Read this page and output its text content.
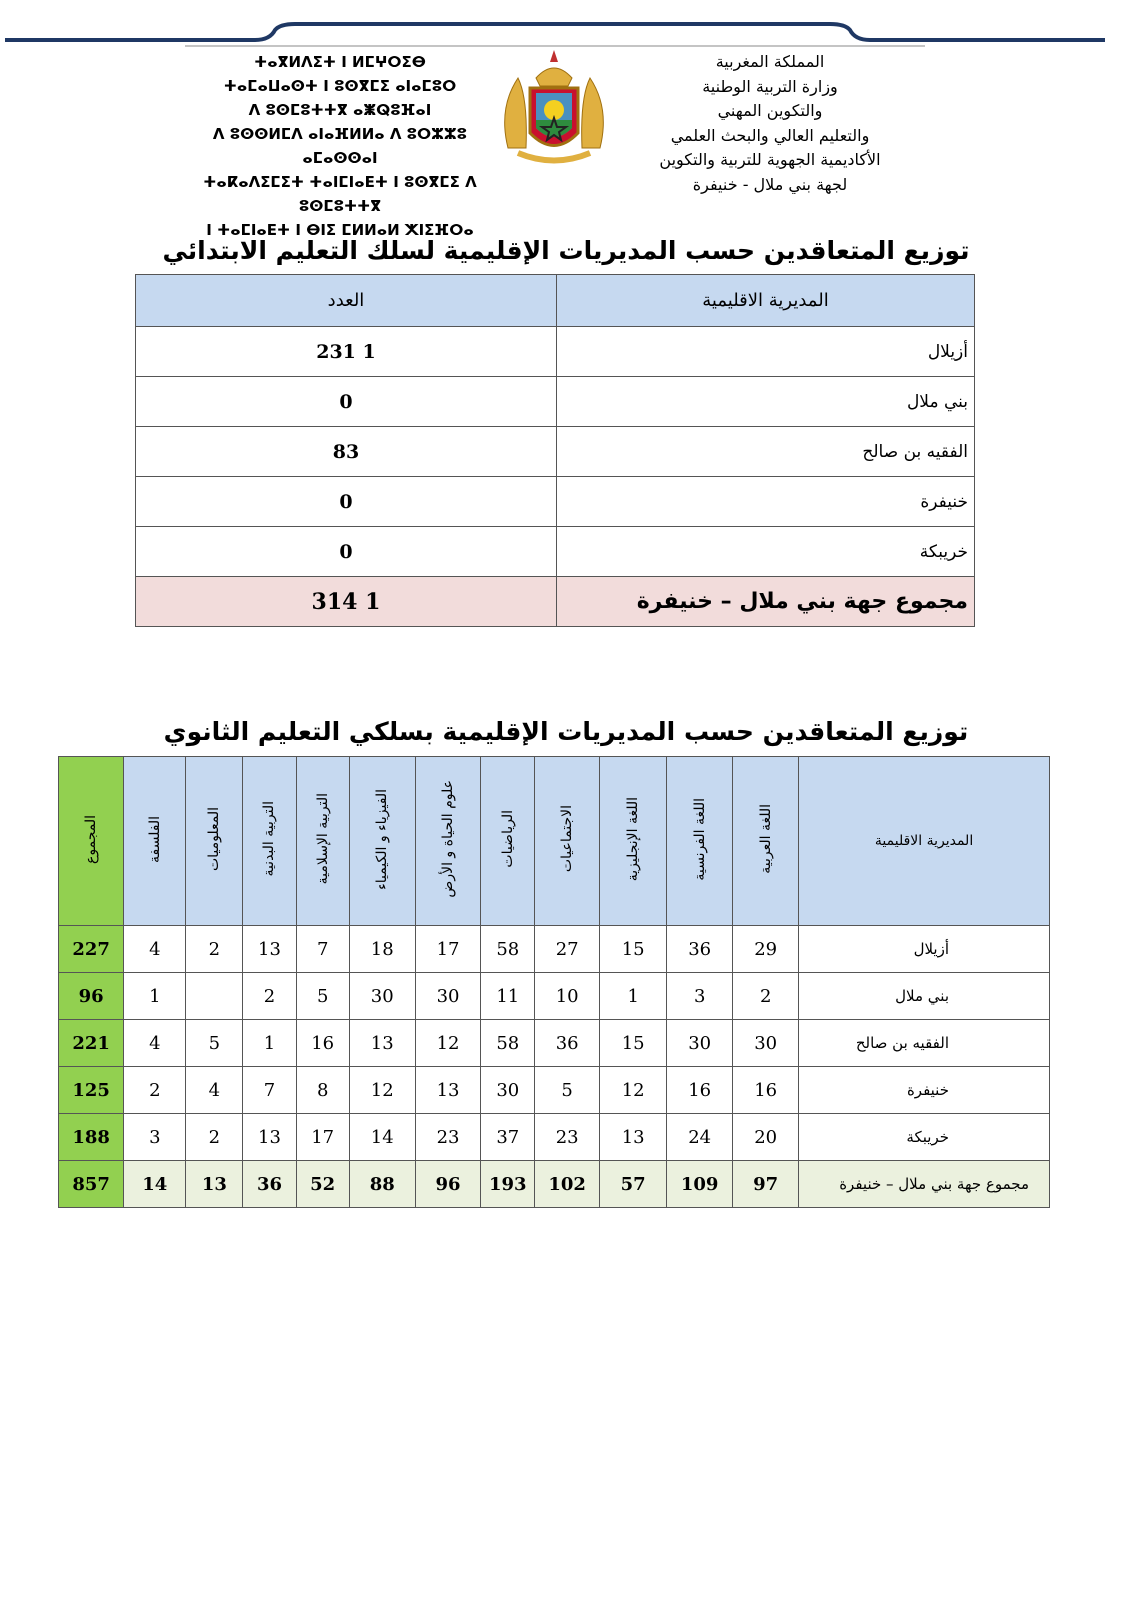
ⵜⴰⴳⵍⴷⵉⵜ ⵏ ⵍⵎⵖⵔⵉⴱ
ⵜⴰⵎⴰⵡⴰⵙⵜ ⵏ ⵓⵙⴳⵎⵉ ⴰⵏⴰⵎⵓⵔ
ⴷ ⵓⵙⵎⵓⵜⵜⴳ ⴰⵥⵕⵓⴼⴰⵏ
ⴷ ⵓⵙⵙⵍⵎⴷ ⴰⵏⴰⴼⵍⵍⴰ ⴷ ⵓⵔⵣⵣⵓ ⴰⵎⴰⵙⵙⴰⵏ
ⵜⴰⴽⴰⴷⵉⵎⵉⵜ ⵜⴰⵏⵎⵏⴰⴹⵜ ⵏ ⵓⵙⴳⵎⵉ ⴷ ⵓⵙⵎⵓⵜⵜⴳ
ⵏ ⵜⴰⵎⵏⴰⴹⵜ ⵏ ⴱⵏⵉ ⵎⵍⵍⴰⵍ ⵅⵏⵉⴼⵔⴰ
المملكة المغربية
وزارة التربية الوطنية
والتكوين المهني
والتعليم العالي والبحث العلمي
الأكاديمية الجهوية للتربية والتكوين
لجهة بني ملال - خنيفرة
توزيع المتعاقدين حسب المديريات الإقليمية لسلك التعليم الابتدائي
المديرية الاقليمية	العدد
أزيلال	1 231
بني ملال	0
الفقيه بن صالح	83
خنيفرة	0
خريبكة	0
مجموع جهة بني ملال – خنيفرة	1 314
توزيع المتعاقدين حسب المديريات الإقليمية بسلكي التعليم الثانوي
المديرية الاقليمية	اللغة العربية	اللغة الفرنسية	اللغة الإنجليزية	الاجتماعيات	الرياضيات	علوم الحياة و الأرض	الفيزياء و الكيمياء	التربية الإسلامية	التربية البدنية	المعلوميات	الفلسفة	المجموع
أزيلال	29	36	15	27	58	17	18	7	13	2	4	227
بني ملال	2	3	1	10	11	30	30	5	2		1	96
الفقيه بن صالح	30	30	15	36	58	12	13	16	1	5	4	221
خنيفرة	16	16	12	5	30	13	12	8	7	4	2	125
خريبكة	20	24	13	23	37	23	14	17	13	2	3	188
مجموع جهة بني ملال – خنيفرة	97	109	57	102	193	96	88	52	36	13	14	857
